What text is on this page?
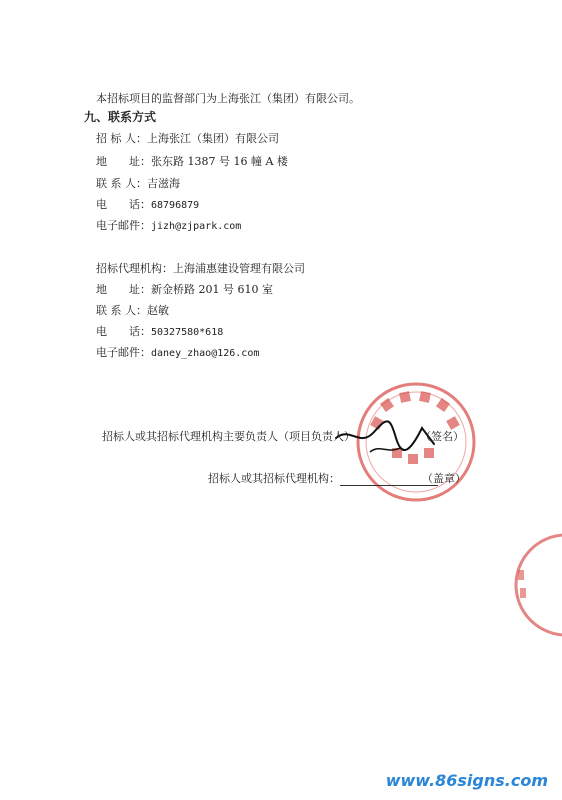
本招标项目的监督部门为上海张江（集团）有限公司。
九、联系方式
招 标 人：上海张江（集团）有限公司
地　　址：张东路 1387 号 16 幢 A 楼
联 系 人：吉滋海
电　　话：68796879
电子邮件：jizh@zjpark.com
招标代理机构：上海浦惠建设管理有限公司
地　　址：新金桥路 201 号 610 室
联 系 人：赵敏
电　　话：50327580*618
电子邮件：daney_zhao@126.com
招标人或其招标代理机构主要负责人（项目负责人）	（签名）
招标人或其招标代理机构：	（盖章）
www.86signs.com
